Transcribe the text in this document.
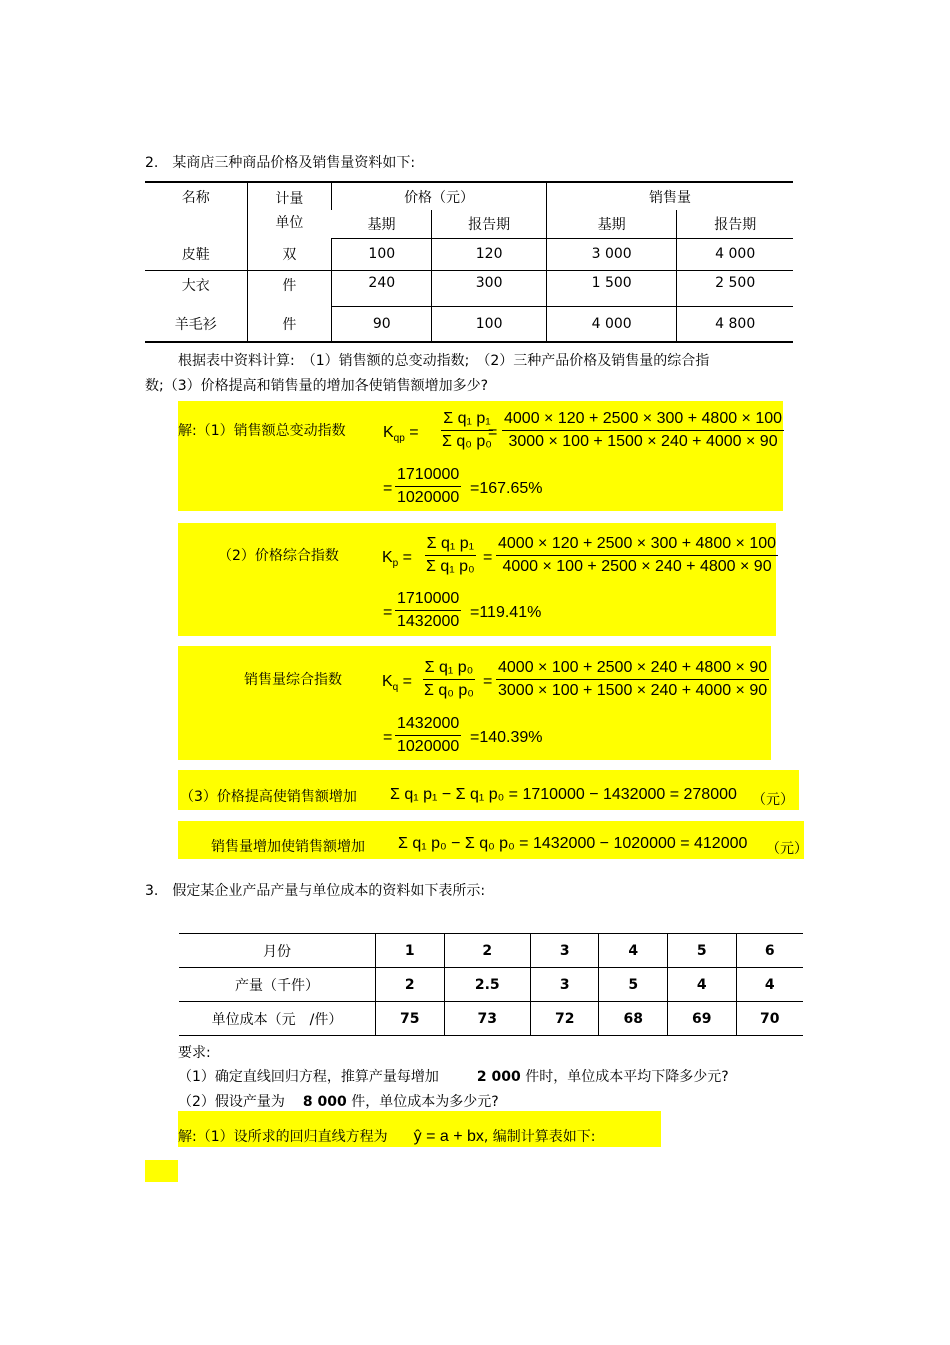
2.　某商店三种商品价格及销售量资料如下:
名称	计量
单位	价格（元）		销售量	
		基期	报告期	基期	报告期
皮鞋	双	100	120	3 000	4 000
大衣	件	240	300	1 500	2 500
羊毛衫	件	90	100	4 000	4 800
根据表中资料计算:　（1）销售额的总变动指数;　（2）三种产品价格及销售量的综合指
数;（3）价格提高和销售量的增加各使销售额增加多少?
解:（1）销售额总变动指数 $K_{qp} = \frac{\text{Σ q₁ p₁}}{\text{Σ q₀ p₀}}$
= $\frac{4000 \times 120 + 2500 \times 300 + 4800 \times 100}{3000 \times 100 + 1500 \times 240 + 4000 \times 90}$
= $\frac{1710000}{1020000} =167.65\%$
（2）价格综合指数	$K_p = \frac{\text{Σ q₁ p₁}}{\text{Σ q₁ p₀}} = \frac{4000 \times 120 + 2500 \times 300 + 4800 \times 100}{4000 \times 100 + 2500 \times 240 + 4800 \times 90}$
= $\frac{1710000}{1432000} =119.41\%$
销售量综合指数	$K_q = \frac{\text{Σ q₁ p₀}}{\text{Σ q₀ p₀}} = \frac{4000 \times 100 + 2500 \times 240 + 4800 \times 90}{3000 \times 100 + 1500 \times 240 + 4000 \times 90}$
= $\frac{1432000}{1020000} =140.39\%$
（3）价格提高使销售额增加 Σ q₁ p₁ − Σ q₁ p₀ = 1710000 − 1432000 = 278000 （元）
销售量增加使销售额增加 Σ q₁ p₀ − Σ q₀ p₀ = 1432000 − 1020000 = 412000 （元）
3.　假定某企业产品产量与单位成本的资料如下表所示:
月份	1	2	3	4	5	6
产量（千件）	2	2.5	3	5	4	4
单位成本（元　/件）	75	73	72	68	69	70
要求:
（1）确定直线回归方程，推算产量每增加	2 000 件时，单位成本平均下降多少元?
（2）假设产量为 8 000 件，单位成本为多少元?
解:（1）设所求的回归直线方程为 ŷ = a + bx, 编制计算表如下:
